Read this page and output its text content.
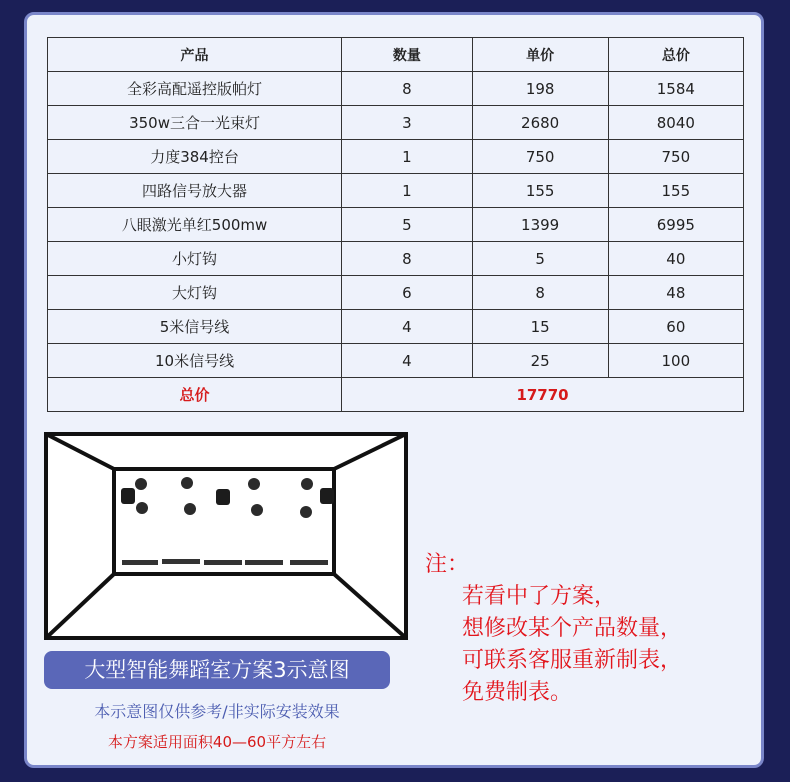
产品	数量	单价	总价
全彩高配遥控版帕灯	8	198	1584
350w三合一光束灯	3	2680	8040
力度384控台	1	750	750
四路信号放大器	1	155	155
八眼激光单红500mw	5	1399	6995
小灯钩	8	5	40
大灯钩	6	8	48
5米信号线	4	15	60
10米信号线	4	25	100
总价	17770		
大型智能舞蹈室方案3示意图
本示意图仅供参考/非实际安装效果
本方案适用面积40—60平方左右
注：
若看中了方案，
想修改某个产品数量，
可联系客服重新制表，
免费制表。
